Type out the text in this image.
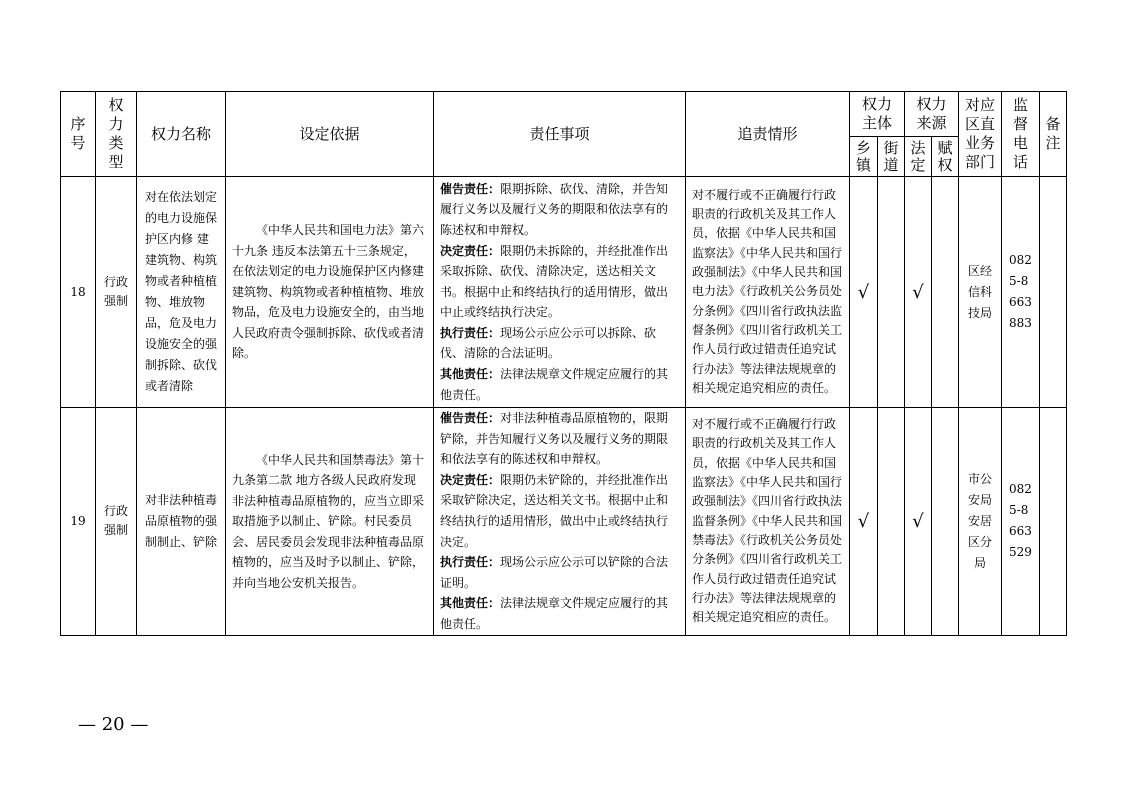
序号	权力类型	权力名称	设定依据	责任事项	追责情形	权力主体		权力来源		对应区直业务部门	监督电话	备注

						乡镇	街道	法定	赋权			

18	行政强制	对在依法划定的电力设施保护区内修 建建筑物、构筑物或者种植植物、堆放物品，危及电力设施安全的强制拆除、砍伐或者清除	《中华人民共和国电力法》第六十九条 违反本法第五十三条规定，在依法划定的电力设施保护区内修建建筑物、构筑物或者种植植物、堆放物品，危及电力设施安全的，由当地人民政府责令强制拆除、砍伐或者清除。	催告责任：限期拆除、砍伐、清除，并告知履行义务以及履行义务的期限和依法享有的陈述权和申辩权。
决定责任：限期仍未拆除的，并经批准作出采取拆除、砍伐、清除决定，送达相关文书。根据中止和终结执行的适用情形，做出中止或终结执行决定。
执行责任：现场公示应公示可以拆除、砍伐、清除的合法证明。
其他责任：法律法规章文件规定应履行的其他责任。	对不履行或不正确履行行政职责的行政机关及其工作人员，依据《中华人民共和国监察法》《中华人民共和国行政强制法》《中华人民共和国电力法》《行政机关公务员处分条例》《四川省行政执法监督条例》《四川省行政机关工作人员行政过错责任追究试行办法》等法律法规规章的相关规定追究相应的责任。	√		√		区经信科技局	0825-8663883	

19	行政强制	对非法种植毒品原植物的强制制止、铲除	《中华人民共和国禁毒法》第十九条第二款 地方各级人民政府发现非法种植毒品原植物的，应当立即采取措施予以制止、铲除。村民委员会、居民委员会发现非法种植毒品原植物的，应当及时予以制止、铲除，并向当地公安机关报告。	催告责任：对非法种植毒品原植物的，限期铲除，并告知履行义务以及履行义务的期限和依法享有的陈述权和申辩权。
决定责任：限期仍未铲除的，并经批准作出采取铲除决定，送达相关文书。根据中止和终结执行的适用情形，做出中止或终结执行决定。
执行责任：现场公示应公示可以铲除的合法证明。
其他责任：法律法规章文件规定应履行的其他责任。	对不履行或不正确履行行政职责的行政机关及其工作人员，依据《中华人民共和国监察法》《中华人民共和国行政强制法》《四川省行政执法监督条例》《中华人民共和国禁毒法》《行政机关公务员处分条例》《四川省行政机关工作人员行政过错责任追究试行办法》等法律法规规章的相关规定追究相应的责任。	√		√		市公安局安居区分局	0825-8663529	

— 20 —
